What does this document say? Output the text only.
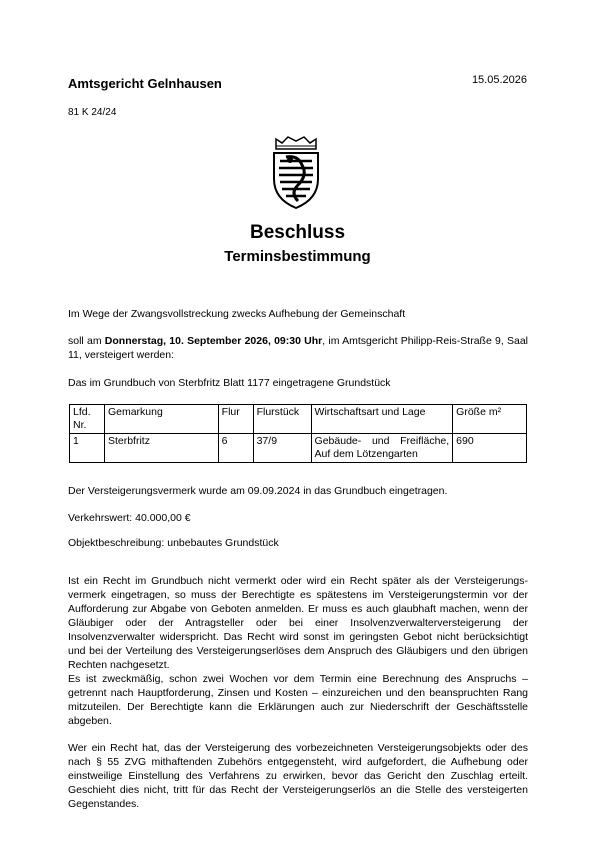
Amtsgericht Gelnhausen	15.05.2026
81 K 24/24
Beschluss
Terminsbestimmung
Im Wege der Zwangsvollstreckung zwecks Aufhebung der Gemeinschaft
soll am Donnerstag, 10. September 2026, 09:30 Uhr, im Amtsgericht Philipp-Reis-Straße 9, Saal 11, versteigert werden:
Das im Grundbuch von Sterbfritz Blatt 1177 eingetragene Grundstück
Lfd. Nr.	Gemarkung	Flur	Flurstück	Wirtschaftsart und Lage	Größe m²
1	Sterbfritz	6	37/9	Gebäude- und Freifläche, Auf dem Lötzengarten	690
Der Versteigerungsvermerk wurde am 09.09.2024 in das Grundbuch eingetragen.
Verkehrswert: 40.000,00 €
Objektbeschreibung: unbebautes Grundstück
Ist ein Recht im Grundbuch nicht vermerkt oder wird ein Recht später als der Versteigerungs-vermerk eingetragen, so muss der Berechtigte es spätestens im Versteigerungstermin vor der Aufforderung zur Abgabe von Geboten anmelden. Er muss es auch glaubhaft machen, wenn der Gläubiger oder der Antragsteller oder bei einer Insolvenzverwalterversteigerung der Insolvenzverwalter widerspricht. Das Recht wird sonst im geringsten Gebot nicht berücksichtigt und bei der Verteilung des Versteigerungserlöses dem Anspruch des Gläubigers und den übrigen Rechten nachgesetzt.
Es ist zweckmäßig, schon zwei Wochen vor dem Termin eine Berechnung des Anspruchs – getrennt nach Hauptforderung, Zinsen und Kosten – einzureichen und den beanspruchten Rang mitzuteilen. Der Berechtigte kann die Erklärungen auch zur Niederschrift der Geschäftsstelle abgeben.
Wer ein Recht hat, das der Versteigerung des vorbezeichneten Versteigerungsobjekts oder des nach § 55 ZVG mithaftenden Zubehörs entgegensteht, wird aufgefordert, die Aufhebung oder einstweilige Einstellung des Verfahrens zu erwirken, bevor das Gericht den Zuschlag erteilt. Geschieht dies nicht, tritt für das Recht der Versteigerungserlös an die Stelle des versteigerten Gegenstandes.
